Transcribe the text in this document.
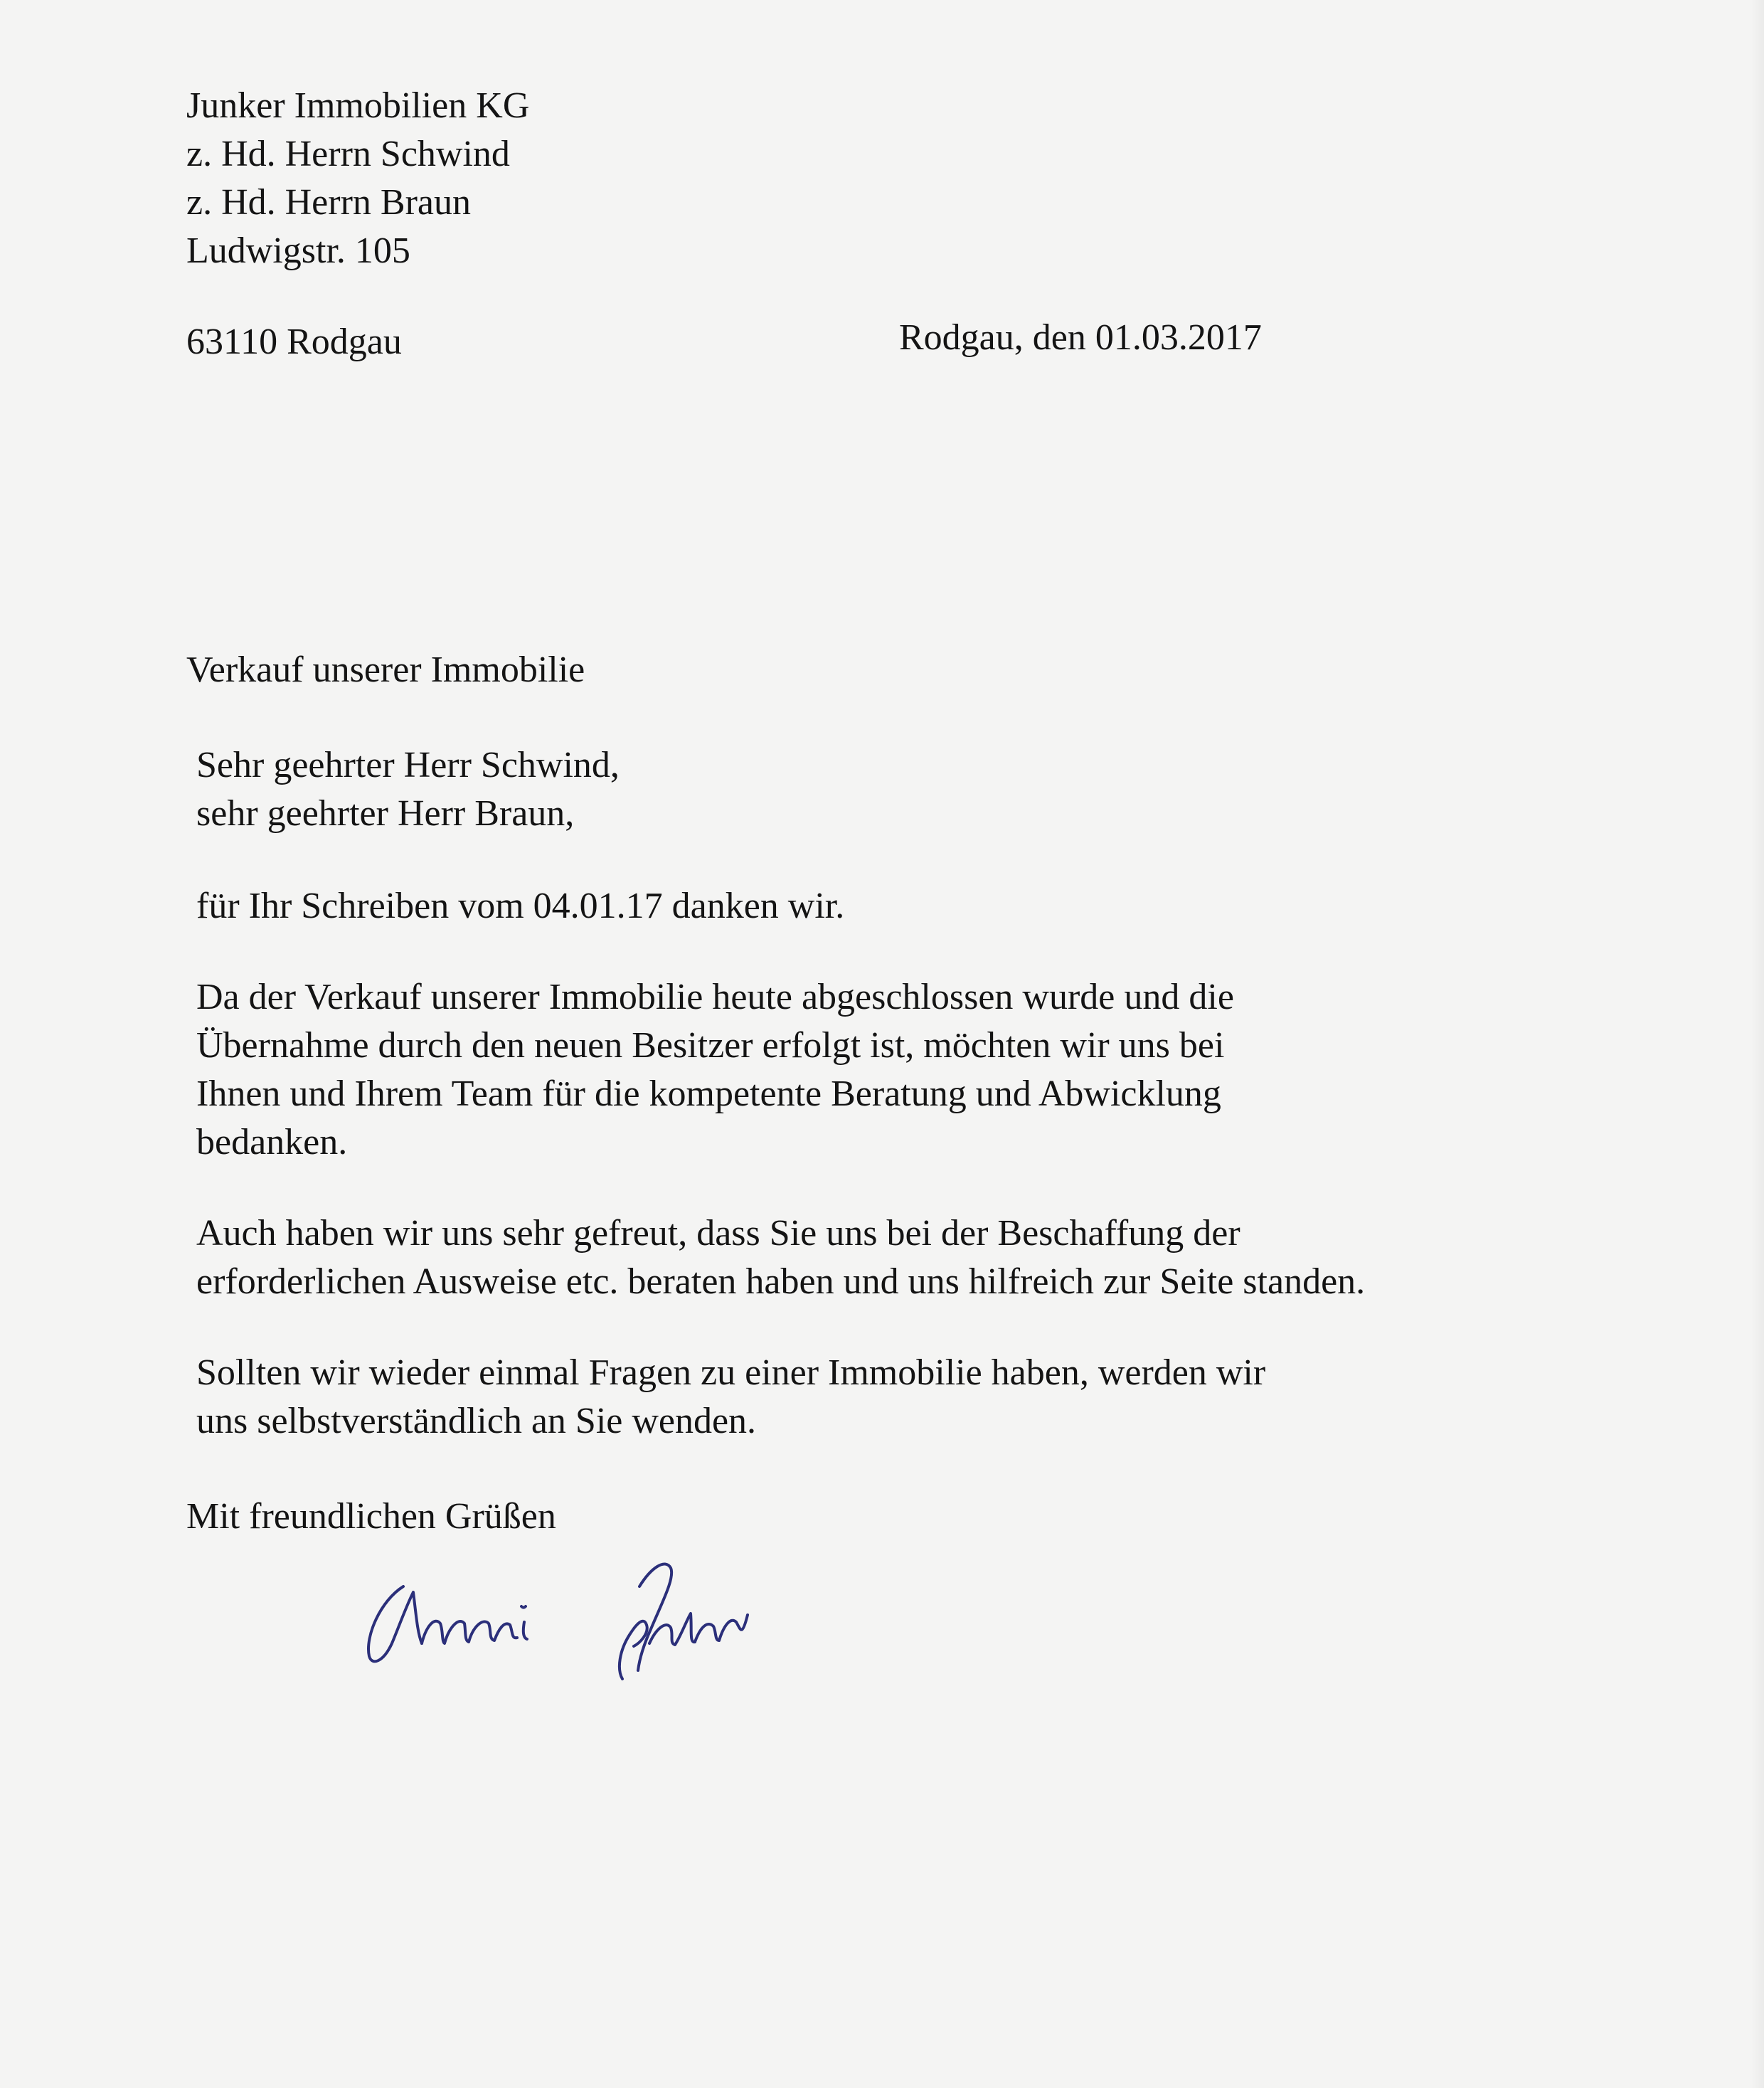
Junker Immobilien KG
z. Hd. Herrn Schwind
z. Hd. Herrn Braun
Ludwigstr. 105

63110 Rodgau	Rodgau, den 01.03.2017

Verkauf unserer Immobilie

Sehr geehrter Herr Schwind,
sehr geehrter Herr Braun,
für Ihr Schreiben vom 04.01.17 danken wir.
Da der Verkauf unserer Immobilie heute abgeschlossen wurde und die
Übernahme durch den neuen Besitzer erfolgt ist, möchten wir uns bei
Ihnen und Ihrem Team für die kompetente Beratung und Abwicklung
bedanken.
Auch haben wir uns sehr gefreut, dass Sie uns bei der Beschaffung der
erforderlichen Ausweise etc. beraten haben und uns hilfreich zur Seite standen.
Sollten wir wieder einmal Fragen zu einer Immobilie haben, werden wir
uns selbstverständlich an Sie wenden.

Mit freundlichen Grüßen
